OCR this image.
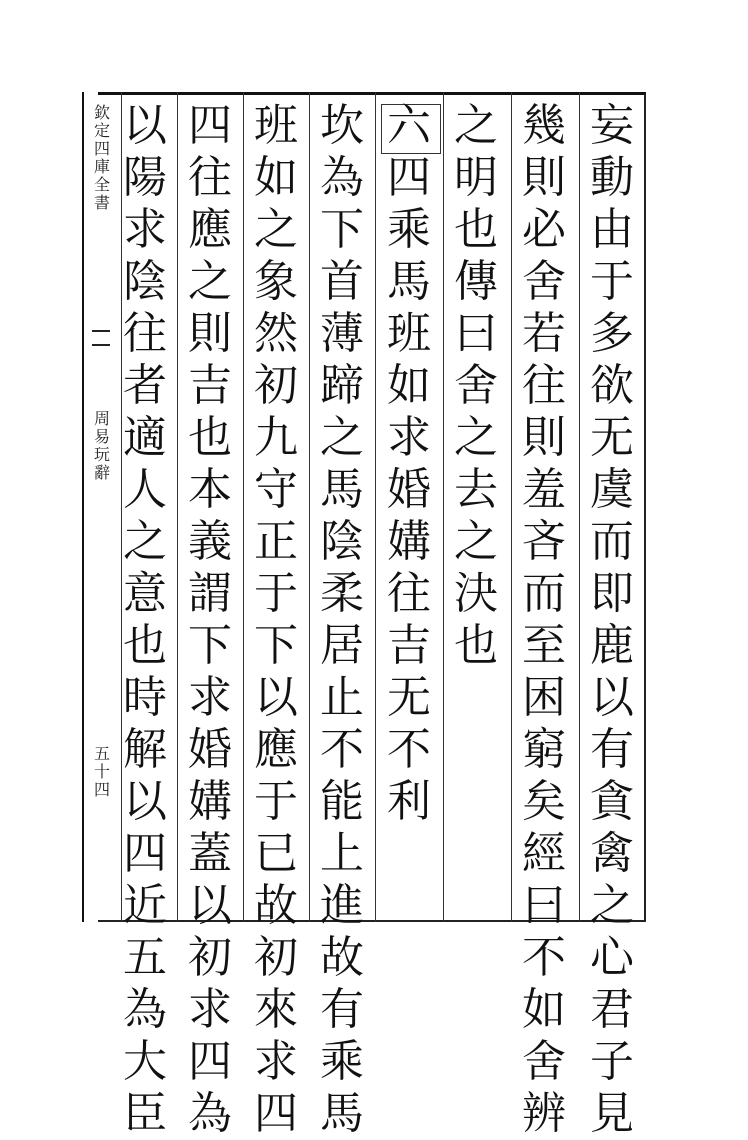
欽定四庫全書
周易玩辭
五十四
妄動由于多欲无虞而即鹿以有貪禽之心君子見
幾則必舍若往則羞吝而至困窮矣經曰不如舍辨
之明也傳曰舍之去之決也
六四乘馬班如求婚媾往吉无不利
坎為下首薄蹄之馬陰柔居止不能上進故有乘馬
班如之象然初九守正于下以應于已故初來求四
四往應之則吉也本義謂下求婚媾蓋以初求四為
以陽求陰往者適人之意也時解以四近五為大臣
